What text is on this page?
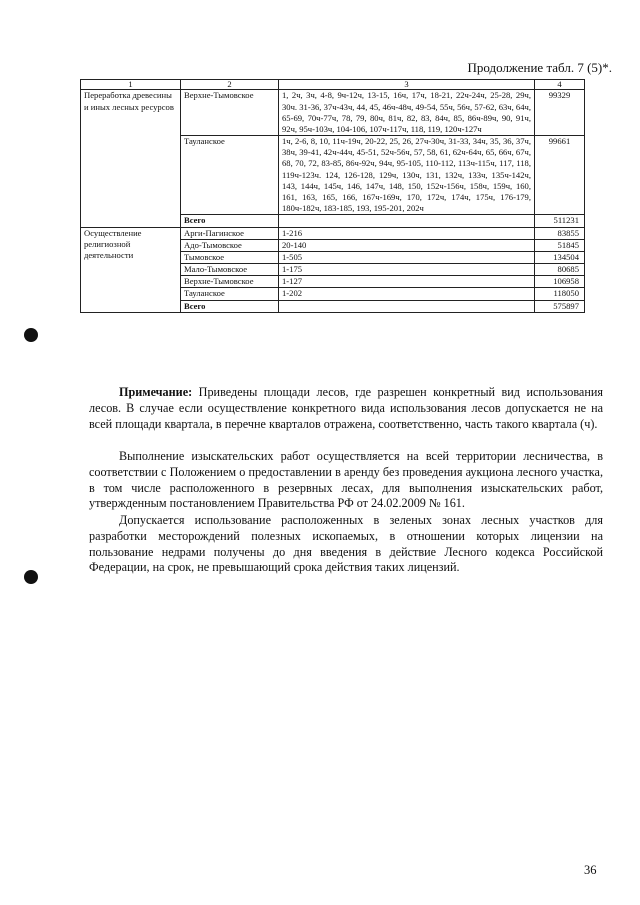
Продолжение табл. 7 (5)*.
1	2	3	4
Переработка древесины и иных лесных ресурсов	Верхне-Тымовское	1, 2ч, 3ч, 4-8, 9ч-12ч, 13-15, 16ч, 17ч, 18-21, 22ч-24ч, 25-28, 29ч, 30ч. 31-36, 37ч-43ч, 44, 45, 46ч-48ч, 49-54, 55ч, 56ч, 57-62, 63ч, 64ч, 65-69, 70ч-77ч, 78, 79, 80ч, 81ч, 82, 83, 84ч, 85, 86ч-89ч, 90, 91ч, 92ч, 95ч-103ч, 104-106, 107ч-117ч, 118, 119, 120ч-127ч	99329
	Тауланское	1ч, 2-6, 8, 10, 11ч-19ч, 20-22, 25, 26, 27ч-30ч, 31-33, 34ч, 35, 36, 37ч, 38ч, 39-41, 42ч-44ч, 45-51, 52ч-56ч, 57, 58, 61, 62ч-64ч, 65, 66ч, 67ч, 68, 70, 72, 83-85, 86ч-92ч, 94ч, 95-105, 110-112, 113ч-115ч, 117, 118, 119ч-123ч. 124, 126-128, 129ч, 130ч, 131, 132ч, 133ч, 135ч-142ч, 143, 144ч, 145ч, 146, 147ч, 148, 150, 152ч-156ч, 158ч, 159ч, 160, 161, 163, 165, 166, 167ч-169ч, 170, 172ч, 174ч, 175ч, 176-179, 180ч-182ч, 183-185, 193, 195-201, 202ч	99661
	Всего		511231
Осуществление религиозной деятельности	Арги-Пагинское	1-216	83855
	Адо-Тымовское	20-140	51845
	Тымовское	1-505	134504
	Мало-Тымовское	1-175	80685
	Верхне-Тымовское	1-127	106958
	Тауланское	1-202	118050
	Всего		575897

Примечание: Приведены площади лесов, где разрешен конкретный вид использования лесов. В случае если осуществление конкретного вида использования лесов допускается не на всей площади квартала, в перечне кварталов отражена, соответственно, часть такого квартала (ч).

Выполнение изыскательских работ осуществляется на всей территории лесничества, в соответствии с Положением о предоставлении в аренду без проведения аукциона лесного участка, в том числе расположенного в резервных лесах, для выполнения изыскательских работ, утвержденным постановлением Правительства РФ от 24.02.2009 № 161.

Допускается использование расположенных в зеленых зонах лесных участков для разработки месторождений полезных ископаемых, в отношении которых лицензии на пользование недрами получены до дня введения в действие Лесного кодекса Российской Федерации, на срок, не превышающий срока действия таких лицензий.

36
